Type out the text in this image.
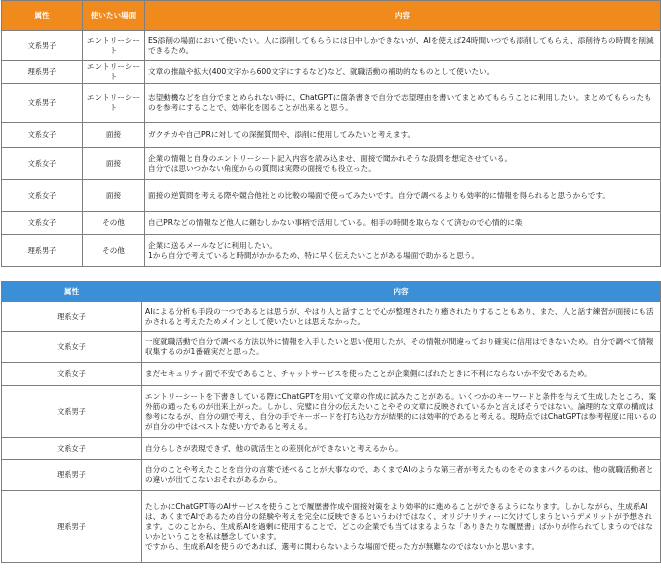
属性	使いたい場面	内容
文系男子	エントリーシート	ES添削の場面において使いたい。人に添削してもらうには日中しかできないが、AIを使えば24時間いつでも添削してもらえ、添削待ちの時間を削減できるため。
理系男子	エントリーシート	文章の推敲や拡大(400文字から600文字にするなど)など、就職活動の補助的なものとして使いたい。
文系男子	エントリーシート	志望動機などを自分でまとめられない時に、ChatGPTに箇条書きで自分で志望理由を書いてまとめてもらうことに利用したい。まとめてもらったものを参考にすることで、効率化を図ることが出来ると思う。
文系女子	面接	ガクチカや自己PRに対しての深掘質問や、添削に使用してみたいと考えます。
文系女子	面接	企業の情報と自身のエントリーシート記入内容を読み込ませ、面接で聞かれそうな設問を想定させている。
自分では思いつかない角度からの質問は実際の面接でも役立った。
文系女子	面接	面接の逆質問を考える際や競合他社との比較の場面で使ってみたいです。自分で調べるよりも効率的に情報を得られると思うからです。
文系女子	その他	自己PRなどの情報など他人に頼むしかない事柄で活用している。相手の時間を取らなくて済むので心情的に楽
理系男子	その他	企業に送るメールなどに利用したい。
1から自分で考えていると時間がかかるため、特に早く伝えたいことがある場面で助かると思う。
属性	内容
理系女子	AIによる分析も手段の一つであるとは思うが、やはり人と話すことで心が整理されたり癒されたりすることもあり、また、人と話す練習が面接にも活かされると考えたためメインとして使いたいとは思えなかった。
文系女子	一度就職活動で自分で調べる方法以外に情報を入手したいと思い使用したが、その情報が間違っており確実に信用はできないため。自分で調べて情報収集するのが1番確実だと思った。
文系女子	まだセキュリティ面で不安であること、チャットサービスを使ったことが企業側にばれたときに不利にならないか不安であるため。
文系男子	エントリーシートを下書きしている際にChatGPTを用いて文章の作成に試みたことがある。いくつかのキーワードと条件を与えて生成したところ、案外筋の通ったものが出来上がった。しかし、完璧に自分の伝えたいことやその文章に反映されているかと言えばそうではない。論理的な文章の構成は参考になるが、自分の頭で考え、自分の手でキーボードを打ち込む方が結果的には効率的であると考える。現時点ではChatGPTは参考程度に用いるのが自分の中ではベストな使い方であると考える。
文系女子	自分らしさが表現できず、他の就活生との差別化ができないと考えるから。
理系男子	自分のことや考えたことを自分の言葉で述べることが大事なので、あくまでAIのような第三者が考えたものをそのままパクるのは、他の就職活動者との違いが出てこないおそれがあるから。
理系男子	たしかにChatGPT等のAIサービスを使うことで履歴書作成や面接対策をより効率的に進めることができるようになります。しかしながら、生成系AIは、あくまでAIであるため自分の経験や考えを完全に反映できるというわけではなく、オリジナリティーに欠けてしまうというデメリットが予想されます。このことから、生成系AIを過剰に使用することで、どこの企業でも当てはまるような「ありきたりな履歴書」ばかりが作られてしまうのではないかということを私は懸念しています。
ですから、生成系AIを使うのであれば、選考に関わらないような場面で使った方が無難なのではないかと思います。
